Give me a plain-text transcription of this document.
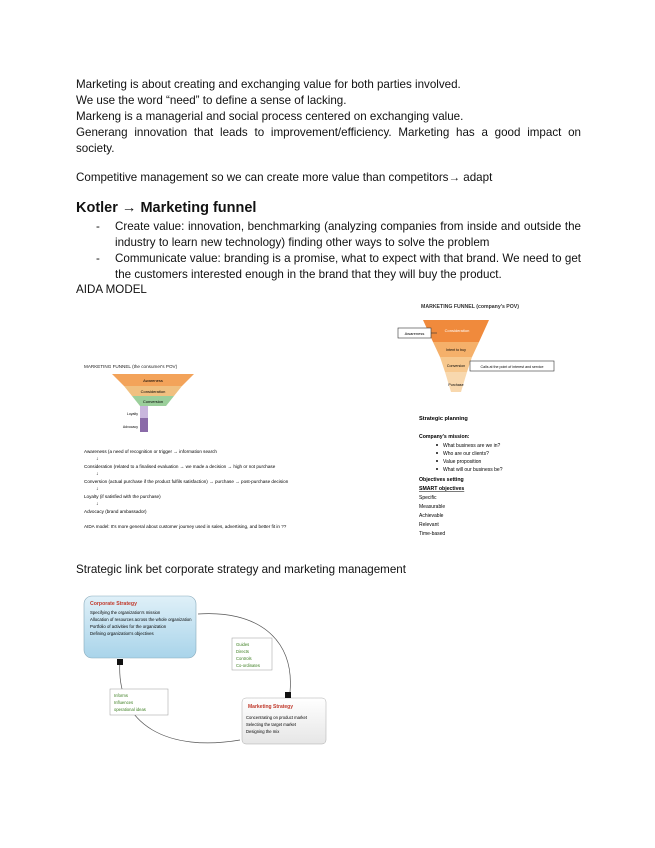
Marketing is about creating and exchanging value for both parties involved.
We use the word “need” to define a sense of lacking.
Markeng is a managerial and social process centered on exchanging value.
Generang innovation that leads to improvement/efficiency. Marketing has a good impact on society.
Competitive management so we can create more value than competitors→ adapt
Kotler → Marketing funnel
- Create value: innovation, benchmarking (analyzing companies from inside and outside the industry to learn new technology) finding other ways to solve the problem
- Communicate value: branding is a promise, what to expect with that brand. We need to get the customers interested enough in the brand that they will buy the product.
AIDA MODEL
MARKETING FUNNEL (the consumer's POV)
Awareness
Consideration
Conversion
Loyalty
Advocacy
Awareness (a need of recognition or trigger → information search
↓
Consideration (related to a finalised evaluation → we made a decision → high or not purchase
↓
Conversion (actual purchase if the product fulfils satisfaction) → purchase → post-purchase decision
↓
Loyalty (if satisfied with the purchase)
↓
Advocacy (brand ambassador)
AIDA model: It's more general about customer journey used in sales, advertising, and better fit in ??
MARKETING FUNNEL (company's POV)
Awareness
Consideration
Intent to buy
Conversion
Purchase
Calls at the point of interest and service
Strategic planning
Company's mission:
What business are we in?
Who are our clients?
Value proposition
What will our business be?
Objectives setting
SMART objectives
Specific
Measurable
Achievable
Relevant
Time-based
Strategic link bet corporate strategy and marketing management
Corporate Strategy
Specifying the organization's mission
Allocation of resources across the whole organization
Portfolio of activities for the organization
Defining organization's objectives
Guides
Directs
Controls
Co-ordinates
Informs
Influences
operational ideas	Marketing Strategy
Concentrating on product market
Selecting the target market
Designing the mix
